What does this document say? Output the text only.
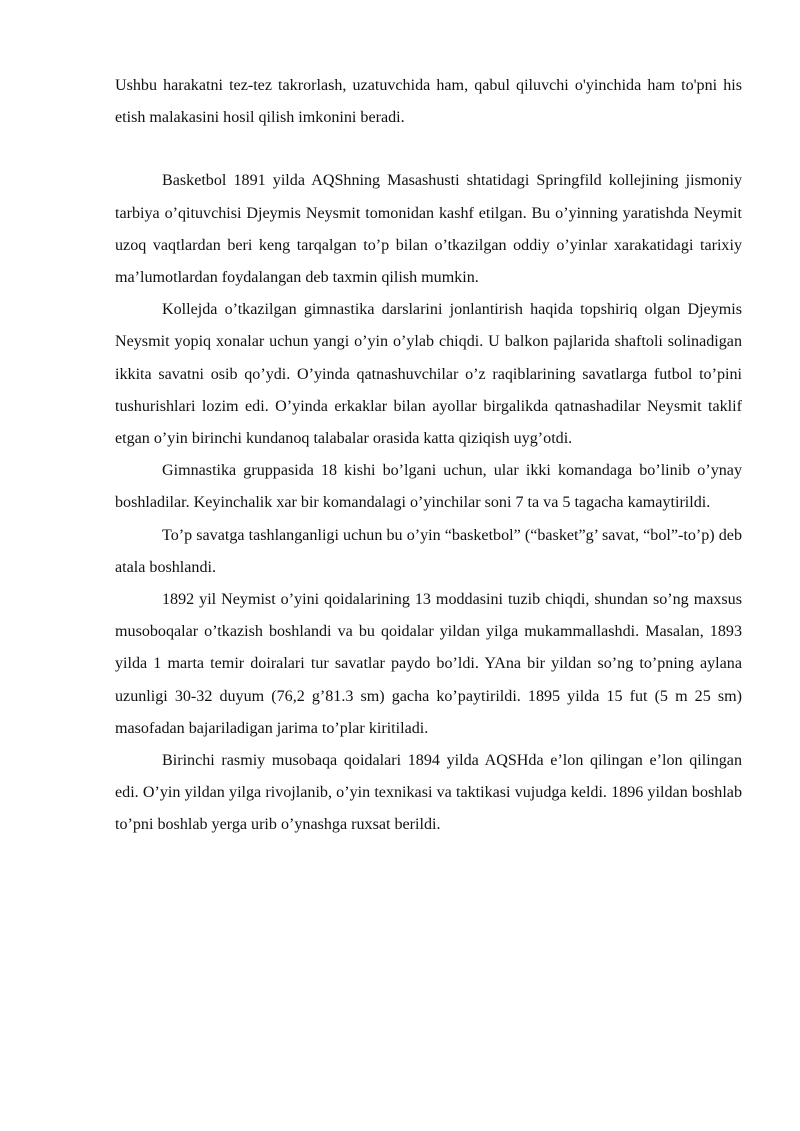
Ushbu harakatni tez-tez takrorlash, uzatuvchida ham, qabul qiluvchi o'yinchida ham to'pni his etish malakasini hosil qilish imkonini beradi.

Basketbol 1891 yilda AQShning Masashusti shtatidagi Springfild kollejining jismoniy tarbiya o’qituvchisi Djeymis Neysmit tomonidan kashf etilgan. Bu o’yinning yaratishda Neymit uzoq vaqtlardan beri keng tarqalgan to’p bilan o’tkazilgan oddiy o’yinlar xarakatidagi tarixiy ma’lumotlardan foydalangan deb taxmin qilish mumkin.

Kollejda o’tkazilgan gimnastika darslarini jonlantirish haqida topshiriq olgan Djeymis Neysmit yopiq xonalar uchun yangi o’yin o’ylab chiqdi. U balkon pajlarida shaftoli solinadigan ikkita savatni osib qo’ydi. O’yinda qatnashuvchilar o’z raqiblarining savatlarga futbol to’pini tushurishlari lozim edi. O’yinda erkaklar bilan ayollar birgalikda qatnashadilar Neysmit taklif etgan o’yin birinchi kundanoq talabalar orasida katta qiziqish uyg’otdi.

Gimnastika gruppasida 18 kishi bo’lgani uchun, ular ikki komandaga bo’linib o’ynay boshladilar. Keyinchalik xar bir komandalagi o’yinchilar soni 7 ta va 5 tagacha kamaytirildi.

To’p savatga tashlanganligi uchun bu o’yin “basketbol” (“basket”g’ savat, “bol”-to’p) deb atala boshlandi.

1892 yil Neymist o’yini qoidalarining 13 moddasini tuzib chiqdi, shundan so’ng maxsus musoboqalar o’tkazish boshlandi va bu qoidalar yildan yilga mukammallashdi. Masalan, 1893 yilda 1 marta temir doiralari tur savatlar paydo bo’ldi. YAna bir yildan so’ng to’pning aylana uzunligi 30-32 duyum (76,2 g’81.3 sm) gacha ko’paytirildi. 1895 yilda 15 fut (5 m 25 sm) masofadan bajariladigan jarima to’plar kiritiladi.

Birinchi rasmiy musobaqa qoidalari 1894 yilda AQSHda e’lon qilingan e’lon qilingan edi. O’yin yildan yilga rivojlanib, o’yin texnikasi va taktikasi vujudga keldi. 1896 yildan boshlab to’pni boshlab yerga urib o’ynashga ruxsat berildi.
